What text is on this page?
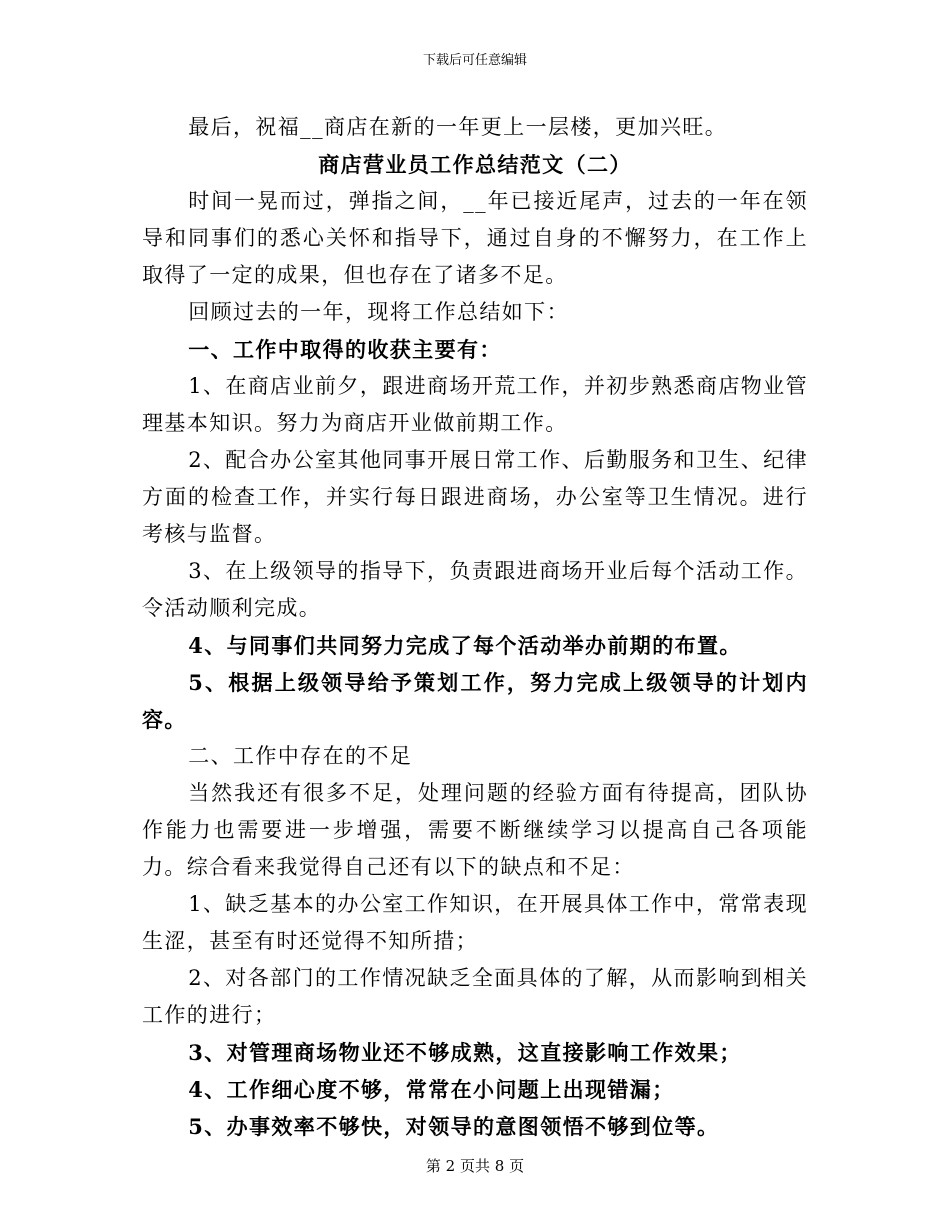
下载后可任意编辑

最后，祝福__商店在新的一年更上一层楼，更加兴旺。

商店营业员工作总结范文（二）

时间一晃而过，弹指之间，__年已接近尾声，过去的一年在领导和同事们的悉心关怀和指导下，通过自身的不懈努力，在工作上取得了一定的成果，但也存在了诸多不足。

回顾过去的一年，现将工作总结如下：

一、工作中取得的收获主要有：

1、在商店业前夕，跟进商场开荒工作，并初步熟悉商店物业管理基本知识。努力为商店开业做前期工作。

2、配合办公室其他同事开展日常工作、后勤服务和卫生、纪律方面的检查工作，并实行每日跟进商场，办公室等卫生情况。进行考核与监督。

3、在上级领导的指导下，负责跟进商场开业后每个活动工作。令活动顺利完成。

4、与同事们共同努力完成了每个活动举办前期的布置。

5、根据上级领导给予策划工作，努力完成上级领导的计划内容。

二、工作中存在的不足

当然我还有很多不足，处理问题的经验方面有待提高，团队协作能力也需要进一步增强，需要不断继续学习以提高自己各项能力。综合看来我觉得自己还有以下的缺点和不足：

1、缺乏基本的办公室工作知识，在开展具体工作中，常常表现生涩，甚至有时还觉得不知所措；

2、对各部门的工作情况缺乏全面具体的了解，从而影响到相关工作的进行；

3、对管理商场物业还不够成熟，这直接影响工作效果；

4、工作细心度不够，常常在小问题上出现错漏；

5、办事效率不够快，对领导的意图领悟不够到位等。

第 2 页共 8 页
